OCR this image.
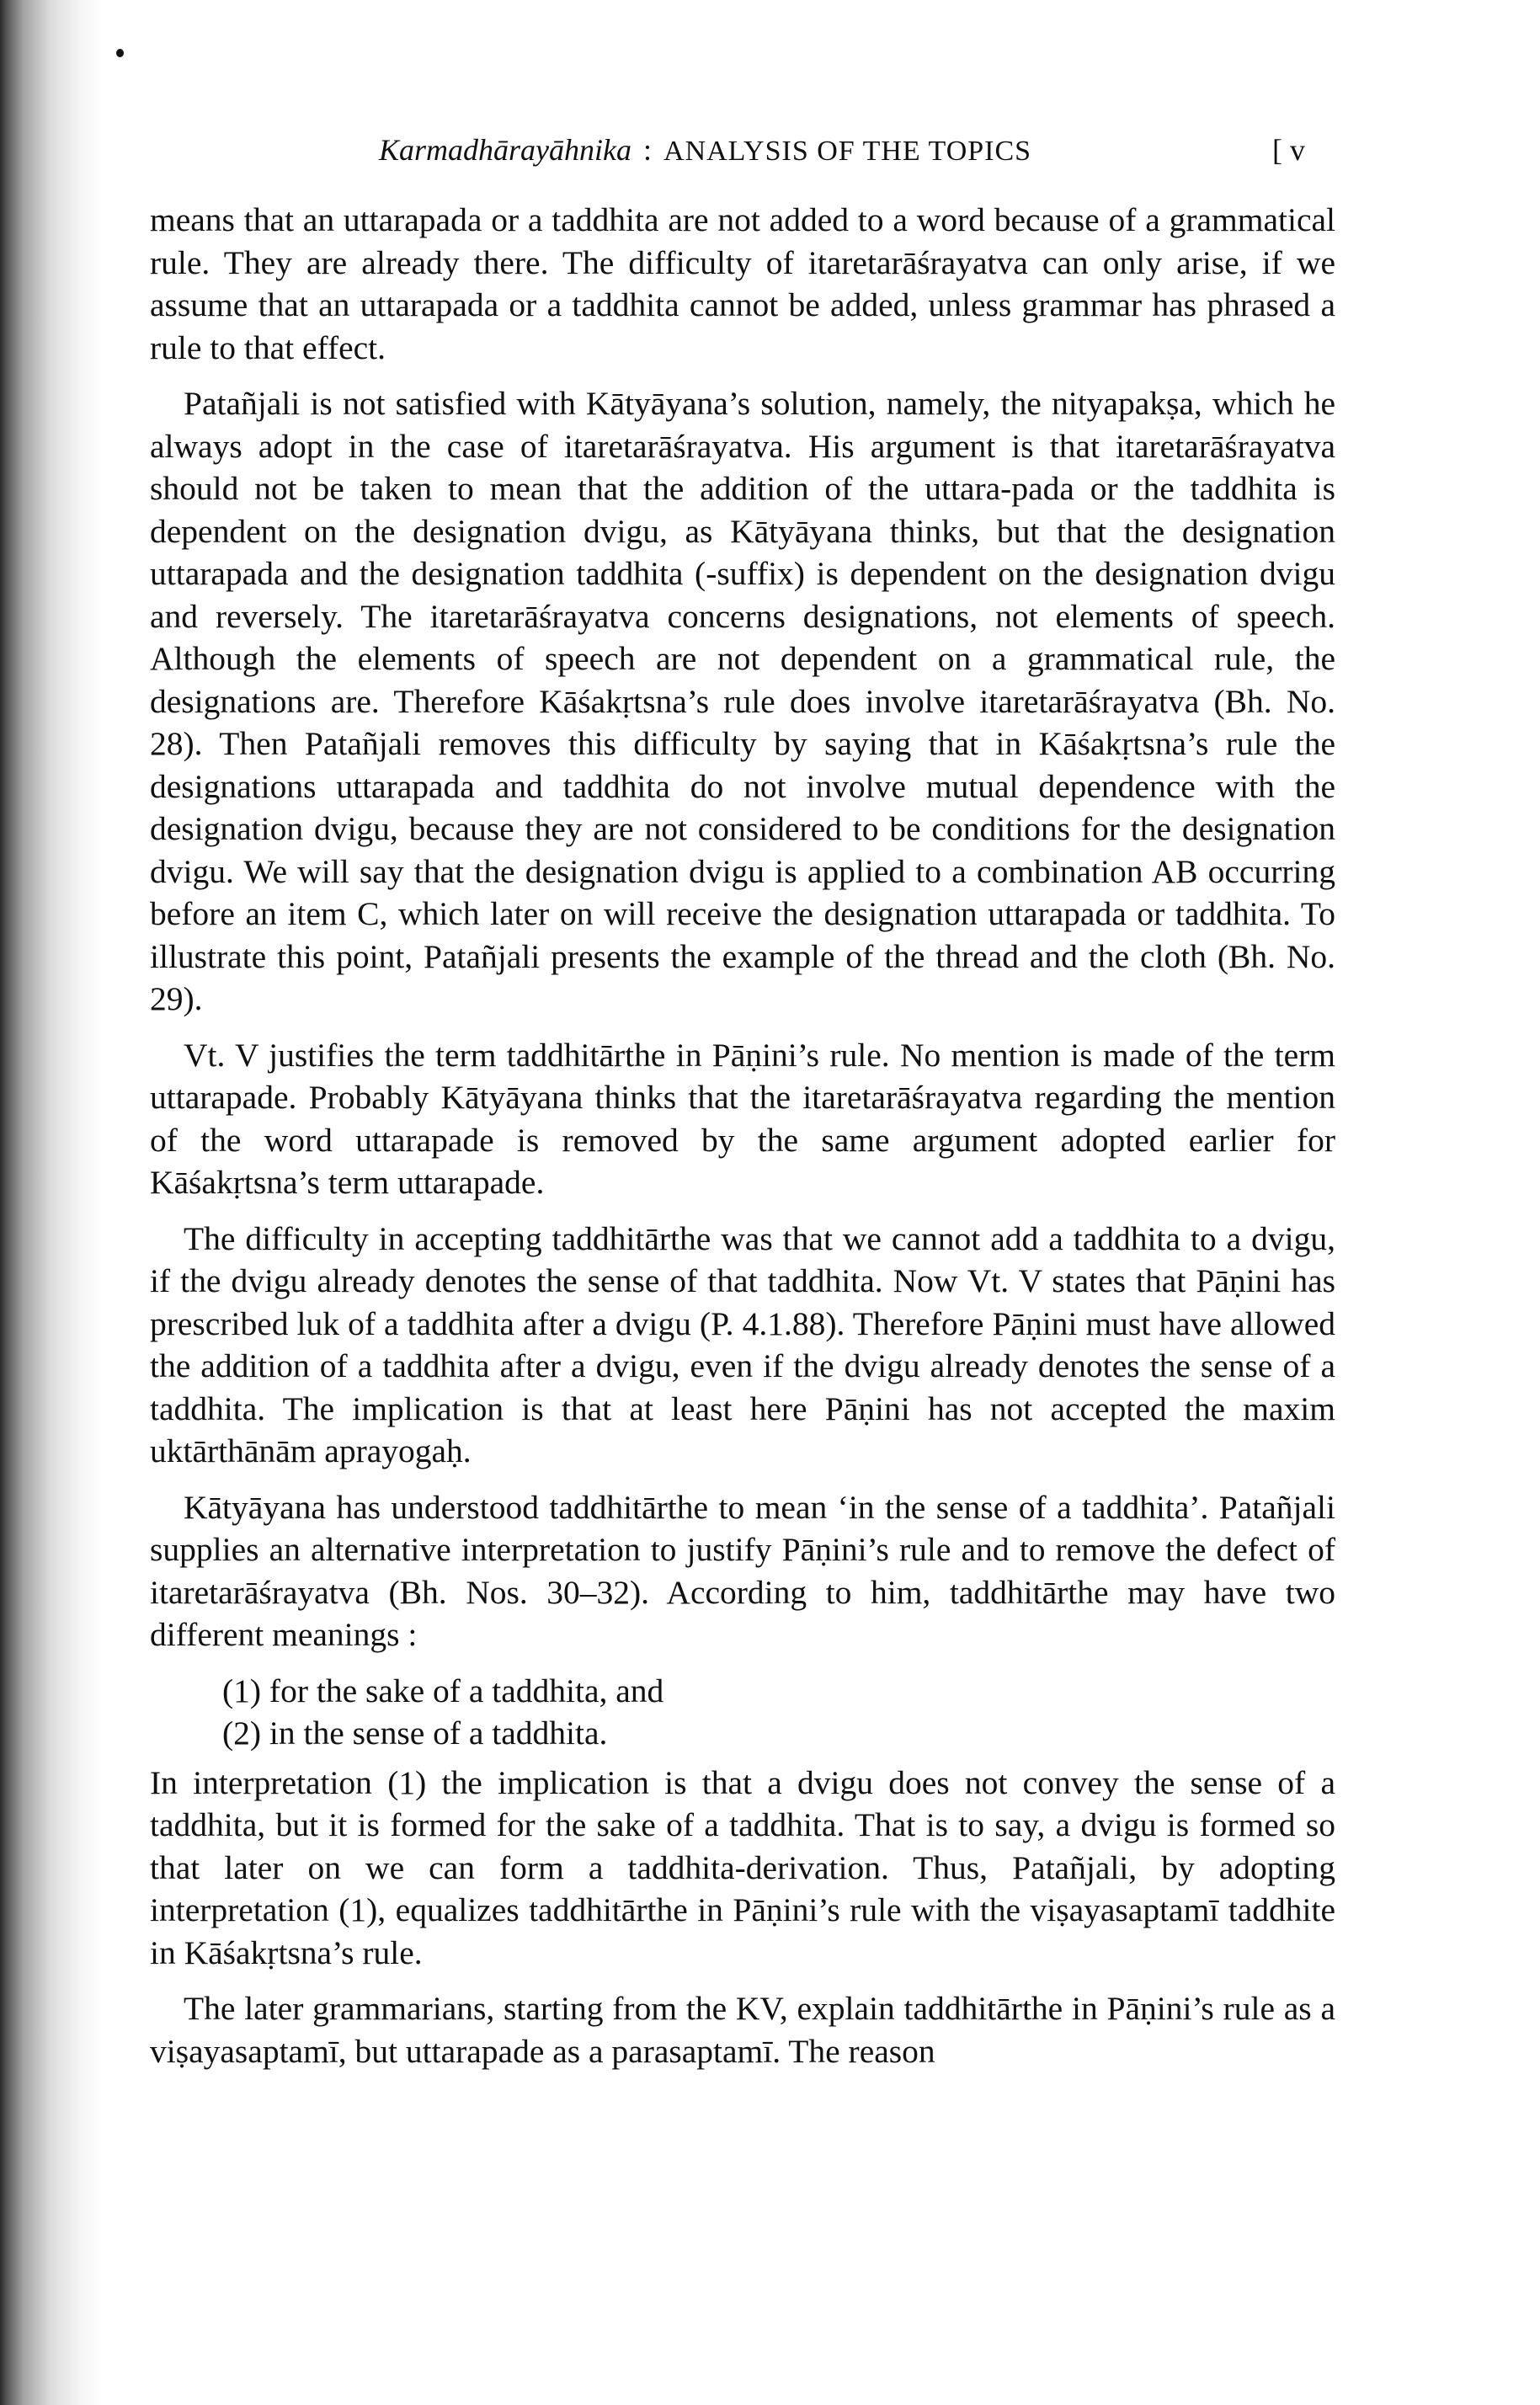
Karmadhārayāhnika : ANALYSIS OF THE TOPICS	[ v

means that an uttarapada or a taddhita are not added to a word because of a grammatical rule. They are already there. The difficulty of itaretarāśrayatva can only arise, if we assume that an uttarapada or a taddhita cannot be added, unless grammar has phrased a rule to that effect.

Patañjali is not satisfied with Kātyāyana’s solution, namely, the nityapakṣa, which he always adopt in the case of itaretarāśrayatva. His argument is that itaretarāśrayatva should not be taken to mean that the addition of the uttara-pada or the taddhita is dependent on the designation dvigu, as Kātyāyana thinks, but that the designation uttarapada and the designation taddhita (-suffix) is dependent on the designation dvigu and reversely. The itaretarāśrayatva concerns designations, not elements of speech. Although the elements of speech are not dependent on a grammatical rule, the designations are. Therefore Kāśakṛtsna’s rule does involve itaretarāśrayatva (Bh. No. 28). Then Patañjali removes this difficulty by saying that in Kāśakṛtsna’s rule the designations uttarapada and taddhita do not involve mutual dependence with the designation dvigu, because they are not considered to be conditions for the designation dvigu. We will say that the designation dvigu is applied to a combination AB occurring before an item C, which later on will receive the designation uttarapada or taddhita. To illustrate this point, Patañjali presents the example of the thread and the cloth (Bh. No. 29).

Vt. V justifies the term taddhitārthe in Pāṇini’s rule. No mention is made of the term uttarapade. Probably Kātyāyana thinks that the itaretarāśrayatva regarding the mention of the word uttarapade is removed by the same argument adopted earlier for Kāśakṛtsna’s term uttarapade.

The difficulty in accepting taddhitārthe was that we cannot add a taddhita to a dvigu, if the dvigu already denotes the sense of that taddhita. Now Vt. V states that Pāṇini has prescribed luk of a taddhita after a dvigu (P. 4.1.88). Therefore Pāṇini must have allowed the addition of a taddhita after a dvigu, even if the dvigu already denotes the sense of a taddhita. The implication is that at least here Pāṇini has not accepted the maxim uktārthānām aprayogaḥ.

Kātyāyana has understood taddhitārthe to mean ‘in the sense of a taddhita’. Patañjali supplies an alternative interpretation to justify Pāṇini’s rule and to remove the defect of itaretarāśrayatva (Bh. Nos. 30–32). According to him, taddhitārthe may have two different meanings :

(1) for the sake of a taddhita, and

(2) in the sense of a taddhita.

In interpretation (1) the implication is that a dvigu does not convey the sense of a taddhita, but it is formed for the sake of a taddhita. That is to say, a dvigu is formed so that later on we can form a taddhita-derivation. Thus, Patañjali, by adopting interpretation (1), equalizes taddhitārthe in Pāṇini’s rule with the viṣayasaptamī taddhite in Kāśakṛtsna’s rule.

The later grammarians, starting from the KV, explain taddhitārthe in Pāṇini’s rule as a viṣayasaptamī, but uttarapade as a parasaptamī. The reason
